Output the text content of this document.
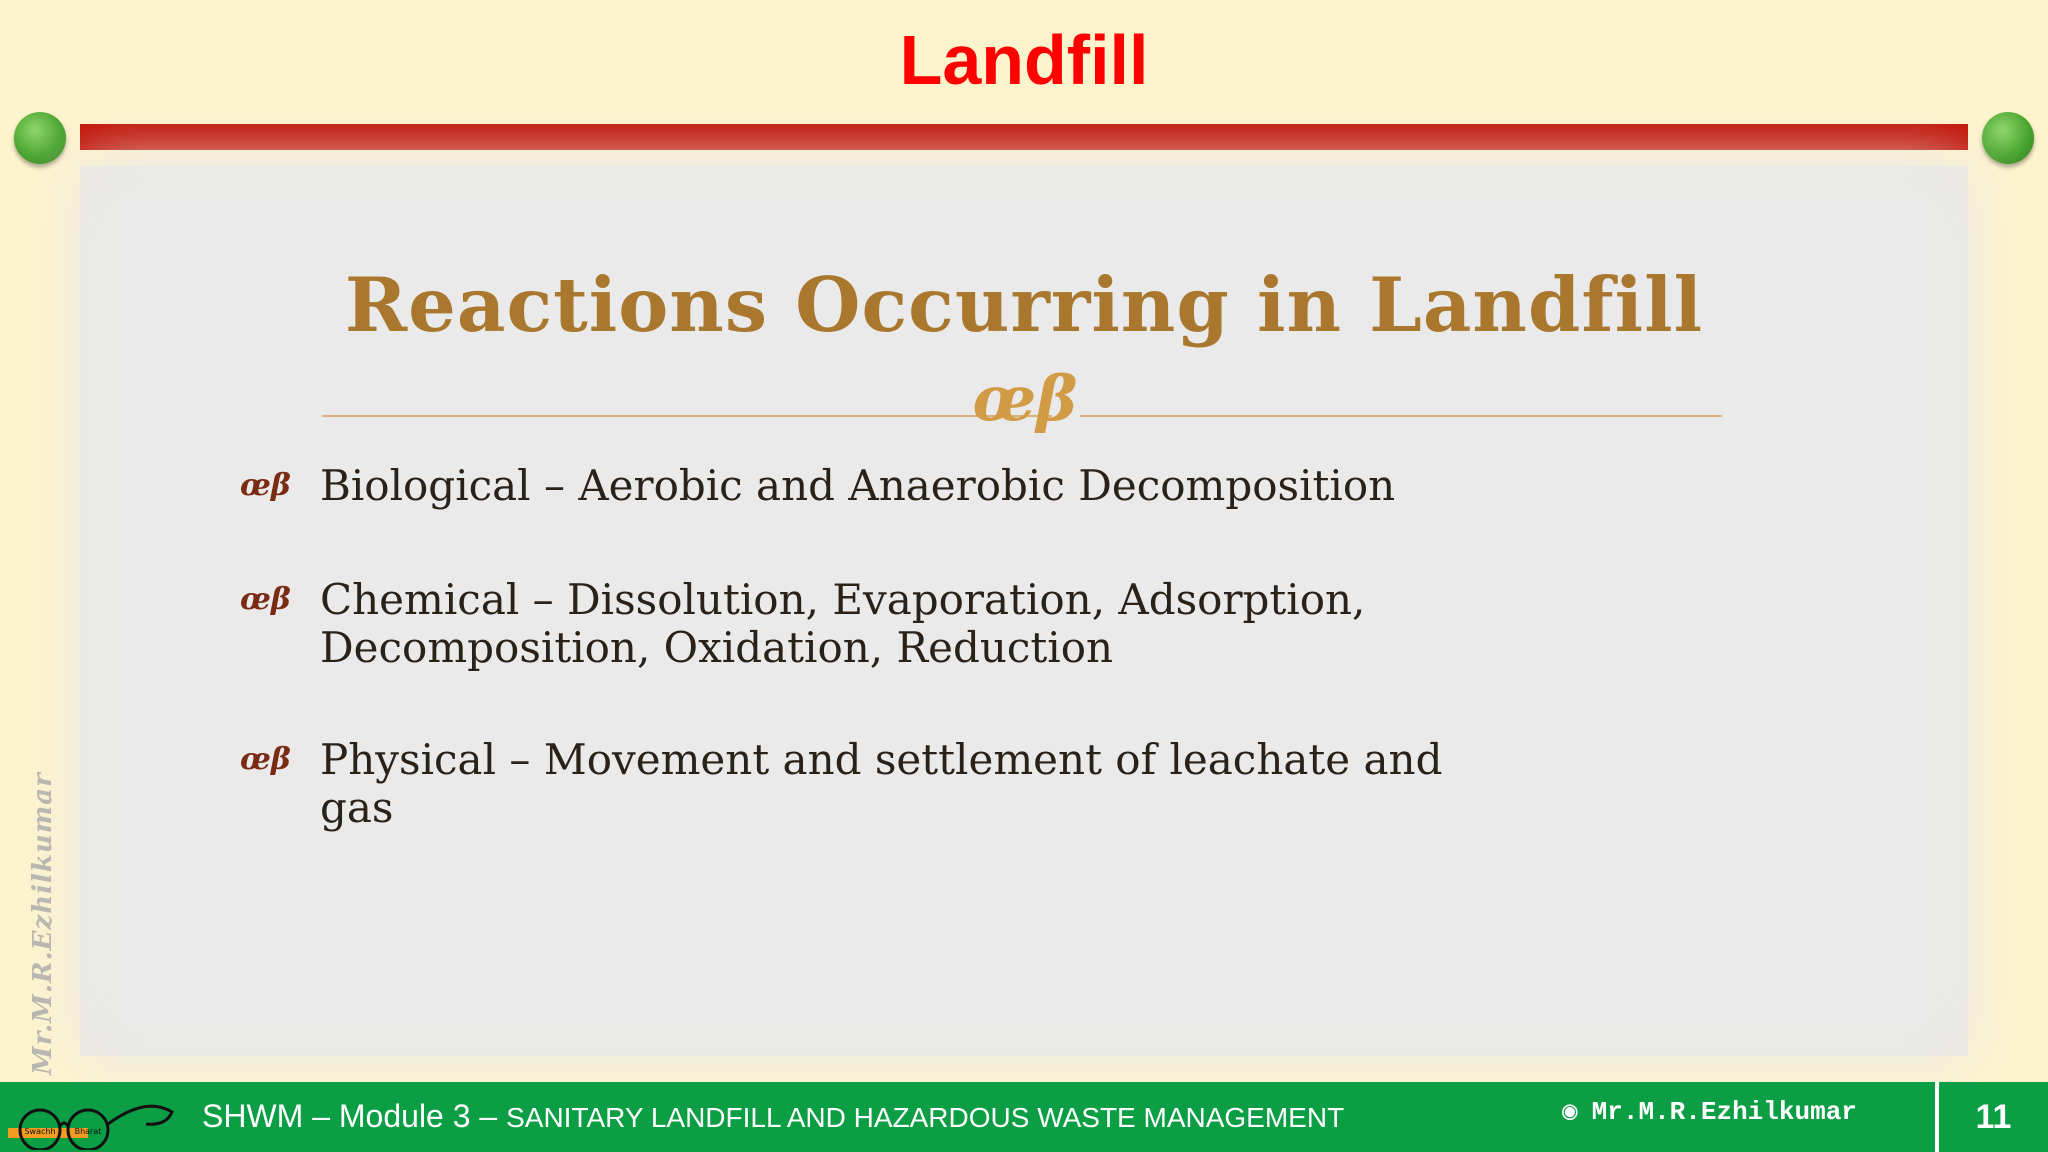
Landfill
Reactions Occurring in Landfill
œβ
œβ Biological – Aerobic and Anaerobic Decomposition
œβ Chemical – Dissolution, Evaporation, Adsorption,
Decomposition, Oxidation, Reduction
œβ Physical – Movement and settlement of leachate and
gas
Mr.M.R.Ezhilkumar
Swachh Bharat	SHWM – Module 3 – SANITARY LANDFILL AND HAZARDOUS WASTE MANAGEMENT	◉ Mr.M.R.Ezhilkumar	11
